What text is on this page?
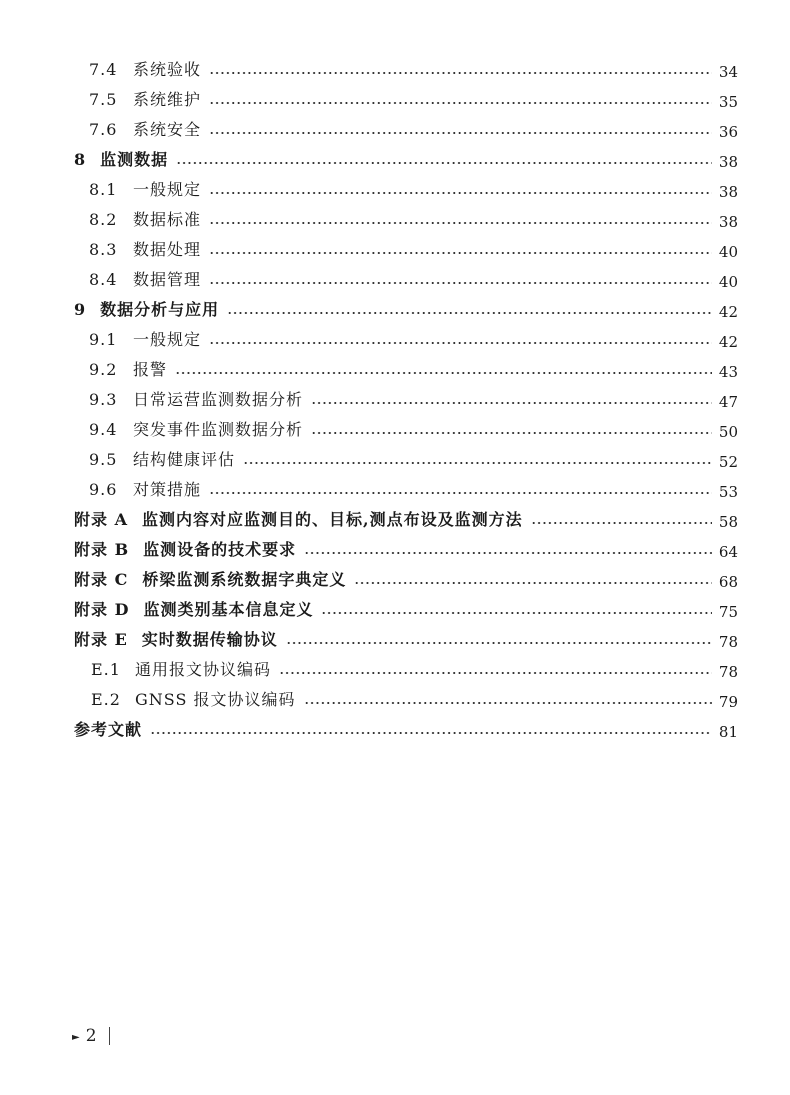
7.4 系统验收	34
7.5 系统维护	35
7.6 系统安全	36
8 监测数据	38
8.1 一般规定	38
8.2 数据标准	38
8.3 数据处理	40
8.4 数据管理	40
9 数据分析与应用	42
9.1 一般规定	42
9.2 报警	43
9.3 日常运营监测数据分析	47
9.4 突发事件监测数据分析	50
9.5 结构健康评估	52
9.6 对策措施	53
附录 A 监测内容对应监测目的、目标,测点布设及监测方法	58
附录 B 监测设备的技术要求	64
附录 C 桥梁监测系统数据字典定义	68
附录 D 监测类别基本信息定义	75
附录 E 实时数据传输协议	78
E.1 通用报文协议编码	78
E.2 GNSS 报文协议编码	79
参考文献	81
► 2
